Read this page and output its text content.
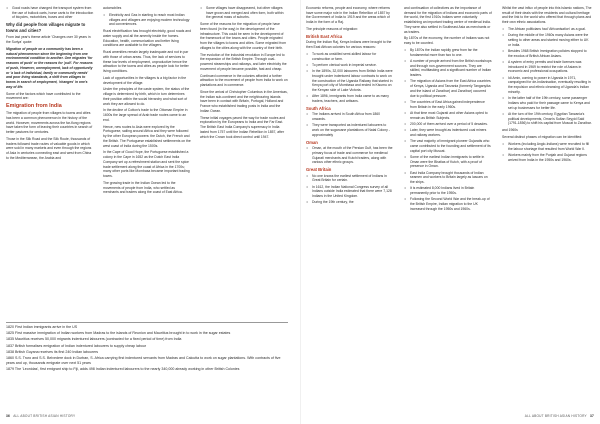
• Good roads have changed the transport system from the use of bullock carts, horse carts to the introduction of bicycles, motorbikes, buses and other

Why did people from villages migrate to towns and cities?

From last year's theme article 'Changes over 30 years in the Suriya' quote:

Migration of people on a community has been a natural phenomenon since the beginning from one environmental condition to another. One migrates 'for reasons of push' or the reasons for 'pull'. For reasons of push, However, unemployment, lack of opportunity or 'a lack of individual, family or community needs' and poor living standards, a shift from villages to towns in search of employment, 'changes' in one's way of life.

Some of the factors which have contributed to the movement are:

Emigration from India

The migration of people from villages to towns and cities has been a common phenomenon in the history of the world. However, movements across the far-flung regions have taken the form of leaving their countries in search of better pastures for centuries.

Those in the Silk Road and the Silk Route, thousands of traders followed trade routes of valuable goods in which were sold in many markets and even through the regions of Asia in centuries connecting east and west from China to the Mediterranean, the Arabia and

automobiles

• Electricity and Gas in starting to reach most Indian villages and villagers are enjoying modern technology and conveniences.

Rural electrification has brought electricity, good roads and water supply and all the amenity inside the homes. Education, health, communication and better living conditions are available to the villagers.

Rural amenities remain largely inadequate and not in par with those of urban areas. Thus, the lack of services to these low levels of employment, unproductive hence the attraction to the towns and cities as people look for better living conditions.

Lack of opportunities in the villages is a big factor in the development of the village.

Under the principles of the caste system, the status of the village is determined by birth, which in turn determines their position within the social hierarchy and what sort of work they are allowed to do.

In the decline of Cotton's trade to the Ottoman Empire in 1600s the large spread of Arab trade routes came to an end.

Hence, new routes to Asia were explored by the Portuguese, sailing around Africa and they were followed by the other European powers: the Dutch, the French and the British. The Portuguese established settlements on the west coast of India during the 1500s.

In the Cape of Good Hope, the Portuguese established a colony in the Cape in 1652 as the Dutch East India Company set up a refreshment station and sent the spice trade settlement along the coast of Africa in the 1700s; many other ports like Mombasa became important trading towns.

The growing trade in the Indian Ocean led to the movements of people from India, who settled as merchants and traders along the coast of East Africa.

• Some villages have disappeared, but other villages have grown and merged and often form, both within the general mass of suburbs.

Some of the reasons for the migration of people have been found (in the way) in the development of the infrastructure. This could be seen in the development of the framework of the towns and cities. People migrated from the villages to towns and cities. Some migrated from villages to the cities along with the country of their birth.

The evolution of the industrial revolution in Europe led to the expansion of the British Empire. Through coal-powered steamships and railways, and later electricity the movement of people became possible, fast and cheap.

Continued commerce in the colonies afforded a further attraction to the movement of people from India to work on plantations and in commerce.

Since the arrival of Christopher Columbus in the Americas, the Indian sub-continent and the neighbouring islands have been in contact with Britain, Portugal, Holland and France who established trading posts in India and the Indian Ocean.

These initial voyages paved the way for trade routes and exploration by the Europeans to India and the Far East. The British East India Company's supremacy in India lasted from 1757 until the Indian Rebellion in 1857, after which the Crown took direct control until 1947.

1820 First Indian immigrants arrive in the US

1825 First massive immigration of Indian workers from Madras to the islands of Reunion and Mauritius brought in to work in the sugar estates

1835 Mauritius receives 50,000 migrants indentured labourers (contracted for a fixed period of time) from India

1837 British formalises emigration of Indian indentured labourers to supply cheap labour

1838 British Guyana receives its first 240 Indian labourers

1860 S.S. Truro and S.S. Belvedere dock in Durban, S. Africa carrying first indentured servants from Madras and Calcutta to work on sugar plantations. With contracts of five years and up, thousands emigrate over next 51 years

1879 The 'Leonidas', first emigrant ship to Fiji, adds 498 Indian indentured labourers to the nearly 340,000 already working in other British Colonies

36 ALL ABOUT BRITISH ASIAN HISTORY

Economic reforms, people and economy, where reforms have some major role in the Indian Rebellion of 1857 by the Government of India to 1919 and the areas which of India in the form of a Raj.

The principle reasons of migration:

British East Africa

During the Indian Raj, Kenya Indians were brought to the then East African colonies for various reasons:

• To work as unskilled semi-skilled labour for construction or farm.
• To perform clerical work in imperial service.
• In the 1890s, 32,000 labourers from British India were brought under indentured labour contracts to work on the construction of the Uganda Railway that started in Kenya port city of Mombasa and ended in Kisumu on the Kenyan side of Lake Victoria.
• After 1896, immigrants from India came to as many traders, teachers, and artisans.
South Africa
• The Indians arrived in South Africa from 1860 onwards.
• They were transported as indentured labourers to work on the sugarcane plantations of Natal Colony - approximately
Oman
• Oman, at the mouth of the Persian Gulf, has been the primary focus of trade and commerce for medieval Gujarati merchants and Kutchi traders, along with various other ethnic groups.
Great Britain
• No one knows the earliest settlement of Indians in Great Britain for certain.
• In 1612, the Indian National Congress survey of all Indians outside India estimated that there were 7,128 Indians in the United Kingdom.
• During the 19th century, the

and continuation of collectives as the importance of demand for the migration of Indians and economic parts of the world, the first 1910s Indians were voluntarily establishing an important trading centre of medieval India. They were also settled in Southeast Asia as merchants or as traders.

By 1870s of the economy, the number of Indians was not easy to be counted.

• By 1870s the Indian rapidly grew from far the fundamental more than two to one.
• A number of people arrived from the British workshops and through non-government sources. They are skilled, multitasking and a significant number of Indian leaders.
• The migration of Asians from the East Africa countries of Kenya, Uganda and Tanzania (formerly Tanganyika and the island of Zanzibar) and Zanzibar) occurred due to political pressure.
• The countries of East Africa gained independence from Britain in the early 1960s.
• At that time most Gujarati and other Asians opted to remain as British Subjects.
• 200,000 of them arrived over a period of 5 decades.
• Later, they were brought as indentured coal miners and railway workers.
• The vast majority of immigrant pioneer Gujaratis who came contributed to the founding and settlement of its capital port city Muscat.
• Some of the earliest Indian immigrants to settle in Oman were the Bhatias of Kutch, with a proof of presence in Oman.
• East India Company brought thousands of Indian seamen and workers to Britain largely as lascars on the ships.
• It is estimated 8,000 Indians lived in Britain permanently prior to the 1950s.
• Following the Second World War and the break-up of the British Empire, Indian migration to the UK increased through the 1950s and 1960s.

Whilst the vast influx of people into this Islamic nations, The result of their deals with the residents and cultural heritage and the link to the world who offered that through plans and their own ethnic associations.

• The African politicians had 'Africanisation' as a goal.
• During the middle of the 1960s many Asians were the setting to other areas and started moving either to UK or India.
• Besides 1968 British Immigration policies stopped to the exodus of British African Asians.
• A system of entry permits and trade licenses was introduced in 1969 to restrict the role of Asians in economic and professional occupations.
• Idi Amin, coming to power in Uganda in 1971, campaigned for de-Indianisation, eventually resulting in the expulsion and ethnic cleansing of Uganda's Indian minority.
• In the latter half of the 19th century, some passenger Indians who paid for their passage came to Kenya and set up businesses for better life.
• At the turn of the 19th century, Egyptian Tanzania's political developments, Oman's Sultan Seyyid Said (1791-1856) to shift his capital from Muscat to Zanzibar.

and 1960s

Several distinct phases of migration can be identified:

• Workers (including Anglo-Indians) were recruited to fill the labour shortage that resulted from World War II.
• Workers mainly from the Punjab and Gujarat regions arrived from India in the 1950s and 1960s.
ALL ABOUT BRITISH ASIAN HISTORY 37
